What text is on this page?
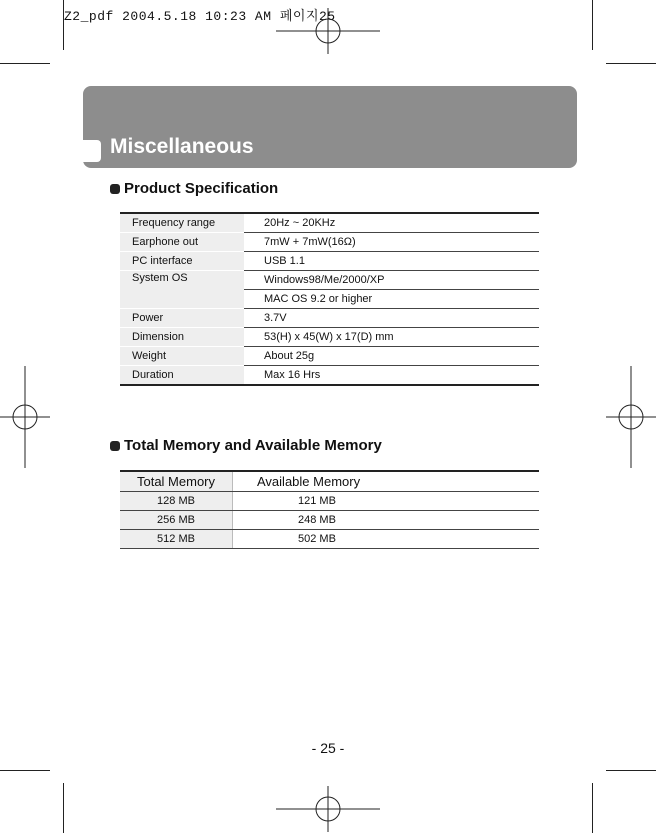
Z2_pdf 2004.5.18 10:23 AM 페이지25
Miscellaneous
Product Specification
Frequency range	20Hz ~ 20KHz
Earphone out	7mW + 7mW(16Ω)
PC interface	USB 1.1
System OS	Windows98/Me/2000/XP
	MAC OS 9.2 or higher
Power	3.7V
Dimension	53(H) x 45(W) x 17(D) mm
Weight	About 25g
Duration	Max 16 Hrs
Total Memory and Available Memory
Total Memory	Available Memory
128 MB	121 MB
256 MB	248 MB
512 MB	502 MB
- 25 -
